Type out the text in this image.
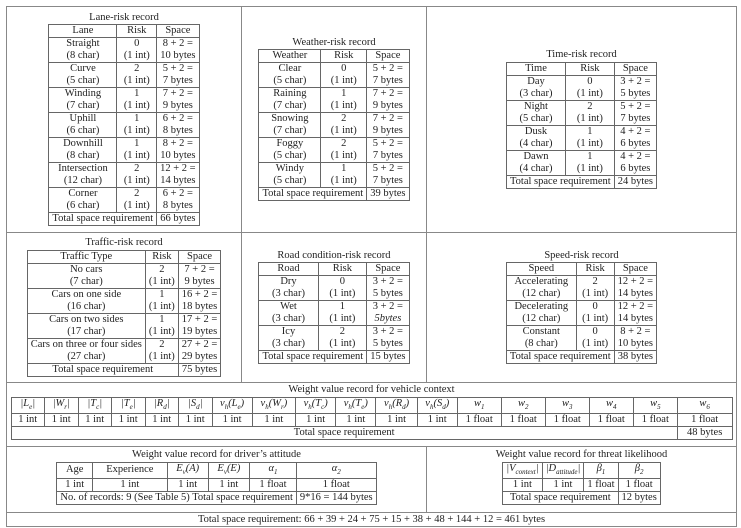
Lane-risk record
Lane	Risk	Space
Straight	0	8 + 2 =
(8 char)	(1 int)	10 bytes
Curve	2	5 + 2 =
(5 char)	(1 int)	7 bytes
Winding	1	7 + 2 =
(7 char)	(1 int)	9 bytes
Uphill	1	6 + 2 =
(6 char)	(1 int)	8 bytes
Downhill	1	8 + 2 =
(8 char)	(1 int)	10 bytes
Intersection	2	12 + 2 =
(12 char)	(1 int)	14 bytes
Corner	2	6 + 2 =
(6 char)	(1 int)	8 bytes
Total space requirement		66 bytes
Weather-risk record
Weather	Risk	Space
Clear	0	5 + 2 =
(5 char)	(1 int)	7 bytes
Raining	1	7 + 2 =
(7 char)	(1 int)	9 bytes
Snowing	2	7 + 2 =
(7 char)	(1 int)	9 bytes
Foggy	2	5 + 2 =
(5 char)	(1 int)	7 bytes
Windy	1	5 + 2 =
(5 char)	(1 int)	7 bytes
Total space requirement		39 bytes
Time-risk record
Time	Risk	Space
Day	0	3 + 2 =
(3 char)	(1 int)	5 bytes
Night	2	5 + 2 =
(5 char)	(1 int)	7 bytes
Dusk	1	4 + 2 =
(4 char)	(1 int)	6 bytes
Dawn	1	4 + 2 =
(4 char)	(1 int)	6 bytes
Total space requirement		24 bytes
Traffic-risk record
Traffic Type	Risk	Space
No cars	2	7 + 2 =
(7 char)	(1 int)	9 bytes
Cars on one side	1	16 + 2 =
(16 char)	(1 int)	18 bytes
Cars on two sides	1	17 + 2 =
(17 char)	(1 int)	19 bytes
Cars on three or four sides	2	27 + 2 =
(27 char)	(1 int)	29 bytes
Total space requirement		75 bytes
Road condition-risk record
Road	Risk	Space
Dry	0	3 + 2 =
(3 char)	(1 int)	5 bytes
Wet	1	3 + 2 =
(3 char)	(1 int)	5bytes
Icy	2	3 + 2 =
(3 char)	(1 int)	5 bytes
Total space requirement		15 bytes
Speed-risk record
Speed	Risk	Space
Accelerating	2	12 + 2 =
(12 char)	(1 int)	14 bytes
Decelerating	0	12 + 2 =
(12 char)	(1 int)	14 bytes
Constant	0	8 + 2 =
(8 char)	(1 int)	10 bytes
Total space requirement		38 bytes
Weight value record for vehicle context
$|L_e|$	$|W_r|$	$|T_c|$	$|T_e|$	$|R_d|$	$|S_d|$	$v_h(L_e)$	$v_h(W_r)$	$v_h(T_c)$	$v_h(T_e)$	$v_h(R_d)$	$v_h(S_d)$	$w_1$	$w_2$	$w_3$	$w_4$	$w_5$	$w_6$
1 int	1 int	1 int	1 int	1 int	1 int	1 int	1 int	1 int	1 int	1 int	1 int	1 float	1 float	1 float	1 float	1 float	1 float
Total space requirement																	48 bytes
Weight value record for driver’s attitude
Age	Experience	$E_v(A)$	$E_v(E)$	$\alpha_1$	$\alpha_2$
1 int	1 int	1 int	1 int	1 float	1 float
No. of records: 9 (See Table 5) Total space requirement					9*16 = 144 bytes
Weight value record for threat likelihood
$|V_{context}|$	$|D_{attitude}|$	$\beta_1$	$\beta_2$
1 int	1 int	1 float	1 float
Total space requirement			12 bytes
Total space requirement: 66 + 39 + 24 + 75 + 15 + 38 + 48 + 144 + 12 = 461 bytes
